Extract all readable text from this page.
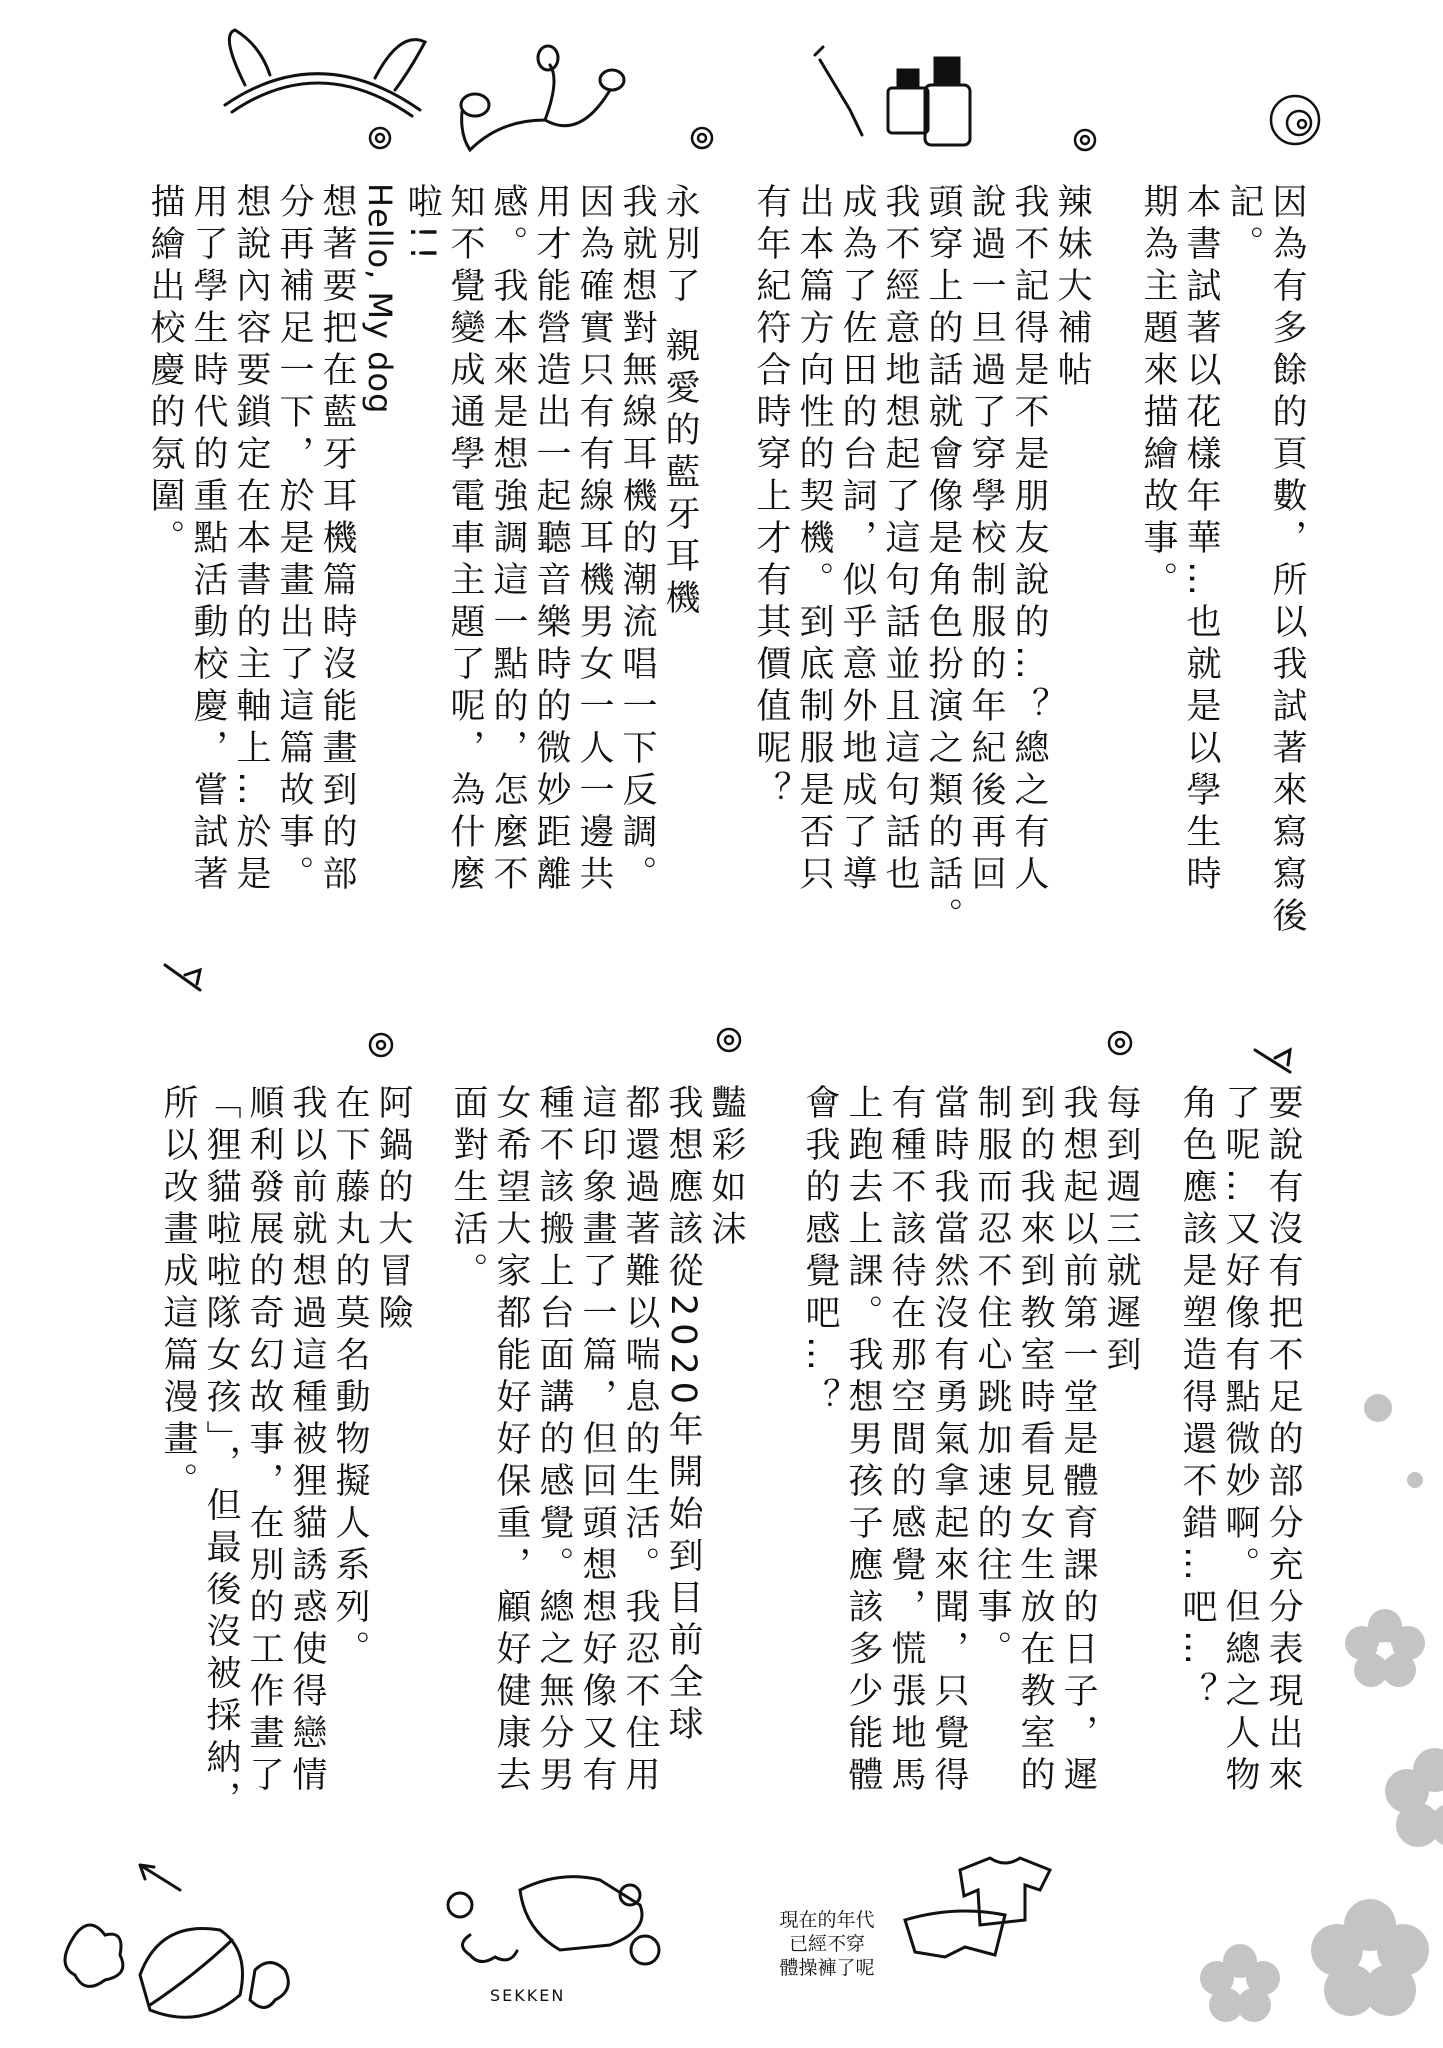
因為有多餘的頁數，所以我試著來寫寫後
記。
本書試著以花樣年華…也就是以學生時
期為主題來描繪故事。
辣妹大補帖
我不記得是不是朋友說的…？總之有人
說過一旦過了穿學校制服的年紀後再回
頭穿上的話就會像是角色扮演之類的話。
我不經意地想起了這句話並且這句話也
成為了佐田的台詞，似乎意外地成了導
出本篇方向性的契機。到底制服是否只
有年紀符合時穿上才有其價值呢？
永別了 親愛的藍牙耳機
我就想對無線耳機的潮流唱一下反調。
因為確實只有有線耳機男女一人一邊共
用才能營造出一起聽音樂時的微妙距離
感。我本來是想強調這一點的，怎麼不
知不覺變成通學電車主題了呢，為什麼
啦!!
Hello, My dog
想著要把在藍牙耳機篇時沒能畫到的部
分再補足一下，於是畫出了這篇故事。
想說內容要鎖定在本書的主軸上…於是
用了學生時代的重點活動校慶，嘗試著
描繪出校慶的氛圍。
要說有沒有把不足的部分充分表現出來
了呢…又好像有點微妙啊。但總之人物
角色應該是塑造得還不錯…吧…？
每到週三就遲到
我想起以前第一堂是體育課的日子，遲
到的我來到教室時看見女生放在教室的
制服而忍不住心跳加速的往事。
當時我當然沒有勇氣拿起來聞，只覺得
有種不該待在那空間的感覺，慌張地馬
上跑去上課。我想男孩子應該多少能體
會我的感覺吧…？
豔彩如沫
我想應該從2020年開始到目前全球
都還過著難以喘息的生活。我忍不住用
這印象畫了一篇，但回頭想想好像又有
種不該搬上台面講的感覺。總之無分男
女希望大家都能好好保重，顧好健康去
面對生活。
阿鍋的大冒險
在下藤丸的莫名動物擬人系列。
我以前就想過這種被狸貓誘惑使得戀情
順利發展的奇幻故事，在別的工作畫了
「狸貓啦啦隊女孩」，但最後沒被採納，
所以改畫成這篇漫畫。
現在的年代
已經不穿
體操褲了呢
SEKKEN
